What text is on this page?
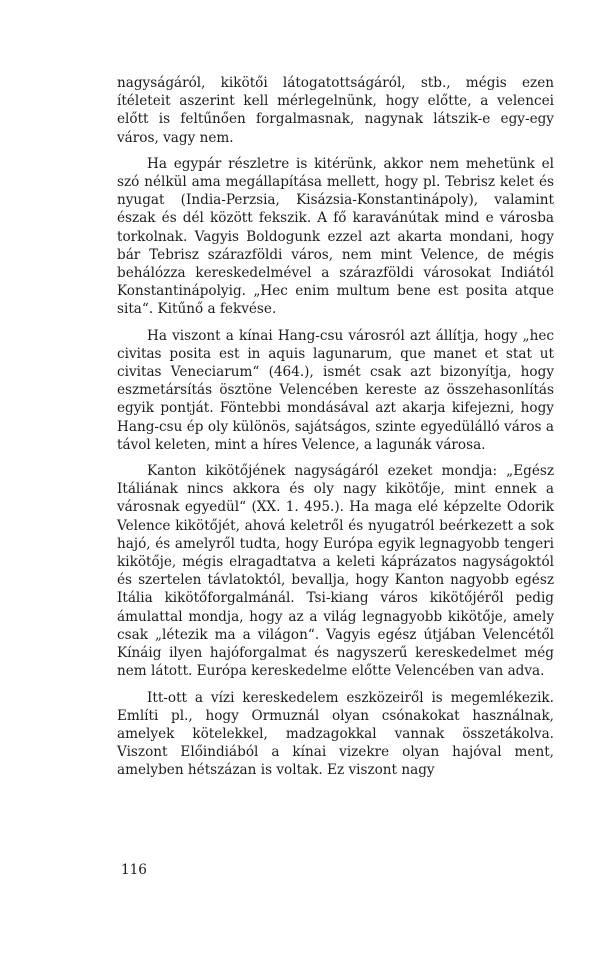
nagyságáról, kikötői látogatottságáról, stb., mégis ezen ítéleteit aszerint kell mérlegelnünk, hogy előtte, a velencei előtt is feltűnően forgalmasnak, nagynak látszik-e egy-egy város, vagy nem.

Ha egypár részletre is kitérünk, akkor nem mehetünk el szó nélkül ama megállapítása mellett, hogy pl. Tebrisz kelet és nyugat (India-Perzsia, Kisázsia-Konstantinápoly), valamint észak és dél között fekszik. A fő karavánútak mind e városba torkolnak. Vagyis Boldogunk ezzel azt akarta mondani, hogy bár Tebrisz szárazföldi város, nem mint Velence, de mégis behálózza kereskedelmével a szárazföldi városokat Indiától Konstantinápolyig. „Hec enim multum bene est posita atque sita“. Kitűnő a fekvése.

Ha viszont a kínai Hang-csu városról azt állítja, hogy „hec civitas posita est in aquis lagunarum, que manet et stat ut civitas Veneciarum“ (464.), ismét csak azt bizonyítja, hogy eszmetársítás ösztöne Velencében kereste az összehasonlítás egyik pontját. Föntebbi mondásával azt akarja kifejezni, hogy Hang-csu ép oly különös, sajátságos, szinte egyedülálló város a távol keleten, mint a híres Velence, a lagunák városa.

Kanton kikötőjének nagyságáról ezeket mondja: „Egész Itáliának nincs akkora és oly nagy kikötője, mint ennek a városnak egyedül“ (XX. 1. 495.). Ha maga elé képzelte Odorik Velence kikötőjét, ahová keletről és nyugatról beérkezett a sok hajó, és amelyről tudta, hogy Európa egyik legnagyobb tengeri kikötője, mégis elragadtatva a keleti káprázatos nagyságoktól és szertelen távlatoktól, bevallja, hogy Kanton nagyobb egész Itália kikötőforgalmánál. Tsi-kiang város kikötőjéről pedig ámulattal mondja, hogy az a világ legnagyobb kikötője, amely csak „létezik ma a világon“. Vagyis egész útjában Velencétől Kínáig ilyen hajóforgalmat és nagyszerű kereskedelmet még nem látott. Európa kereskedelme előtte Velencében van adva.

Itt-ott a vízi kereskedelem eszközeiről is megemlékezik. Említi pl., hogy Ormuznál olyan csónakokat használnak, amelyek kötelekkel, madzagokkal vannak összetákolva. Viszont Előindiából a kínai vizekre olyan hajóval ment, amelyben hétszázan is voltak. Ez viszont nagy

116
